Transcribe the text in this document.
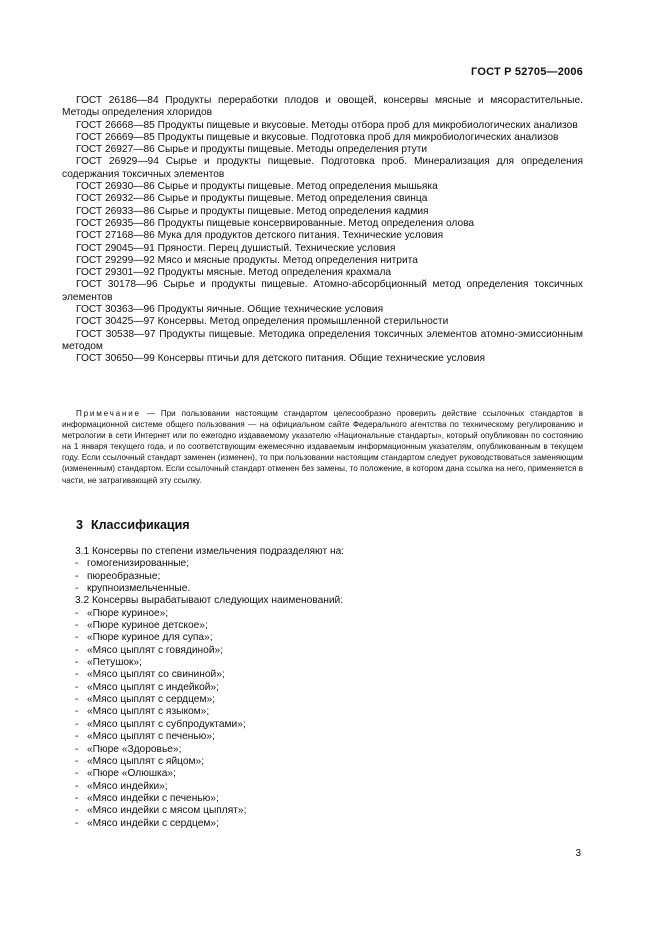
ГОСТ Р 52705—2006

ГОСТ 26186—84 Продукты переработки плодов и овощей, консервы мясные и мясорастительные. Методы определения хлоридов

ГОСТ 26668—85 Продукты пищевые и вкусовые. Методы отбора проб для микробиологических анализов

ГОСТ 26669—85 Продукты пищевые и вкусовые. Подготовка проб для микробиологических анализов

ГОСТ 26927—86 Сырье и продукты пищевые. Методы определения ртути

ГОСТ 26929—94 Сырье и продукты пищевые. Подготовка проб. Минерализация для определения содержания токсичных элементов

ГОСТ 26930—86 Сырье и продукты пищевые. Метод определения мышьяка

ГОСТ 26932—86 Сырье и продукты пищевые. Метод определения свинца

ГОСТ 26933—86 Сырье и продукты пищевые. Метод определения кадмия

ГОСТ 26935—86 Продукты пищевые консервированные. Метод определения олова

ГОСТ 27168—86 Мука для продуктов детского питания. Технические условия

ГОСТ 29045—91 Пряности. Перец душистый. Технические условия

ГОСТ 29299—92 Мясо и мясные продукты. Метод определения нитрита

ГОСТ 29301—92 Продукты мясные. Метод определения крахмала

ГОСТ 30178—96 Сырье и продукты пищевые. Атомно-абсорбционный метод определения токсичных элементов

ГОСТ 30363—96 Продукты яичные. Общие технические условия

ГОСТ 30425—97 Консервы. Метод определения промышленной стерильности

ГОСТ 30538—97 Продукты пищевые. Методика определения токсичных элементов атомно-эмиссионным методом

ГОСТ 30650—99 Консервы птичьи для детского питания. Общие технические условия

Примечание — При пользовании настоящим стандартом целесообразно проверить действие ссылочных стандартов в информационной системе общего пользования — на официальном сайте Федерального агентства по техническому регулированию и метрологии в сети Интернет или по ежегодно издаваемому указателю «Национальные стандарты», который опубликован по состоянию на 1 января текущего года, и по соответствующим ежемесячно издаваемым информационным указателям, опубликованным в текущем году. Если ссылочный стандарт заменен (изменен), то при пользовании настоящим стандартом следует руководствоваться заменяющим (измененным) стандартом. Если ссылочный стандарт отменен без замены, то положение, в котором дана ссылка на него, применяется в части, не затрагивающей эту ссылку.

3 Классификация

3.1 Консервы по степени измельчения подразделяют на:

- гомогенизированные;

- пюреобразные;

- крупноизмельченные.

3.2 Консервы вырабатывают следующих наименований:

- «Пюре куриное»;

- «Пюре куриное детское»;

- «Пюре куриное для супа»;

- «Мясо цыплят с говядиной»;

- «Петушок»;

- «Мясо цыплят со свининой»;

- «Мясо цыплят с индейкой»;

- «Мясо цыплят с сердцем»;

- «Мясо цыплят с языком»;

- «Мясо цыплят с субпродуктами»;

- «Мясо цыплят с печенью»;

- «Пюре «Здоровье»;

- «Мясо цыплят с яйцом»;

- «Пюре «Олюшка»;

- «Мясо индейки»;

- «Мясо индейки с печенью»;

- «Мясо индейки с мясом цыплят»;

- «Мясо индейки с сердцем»;

3
